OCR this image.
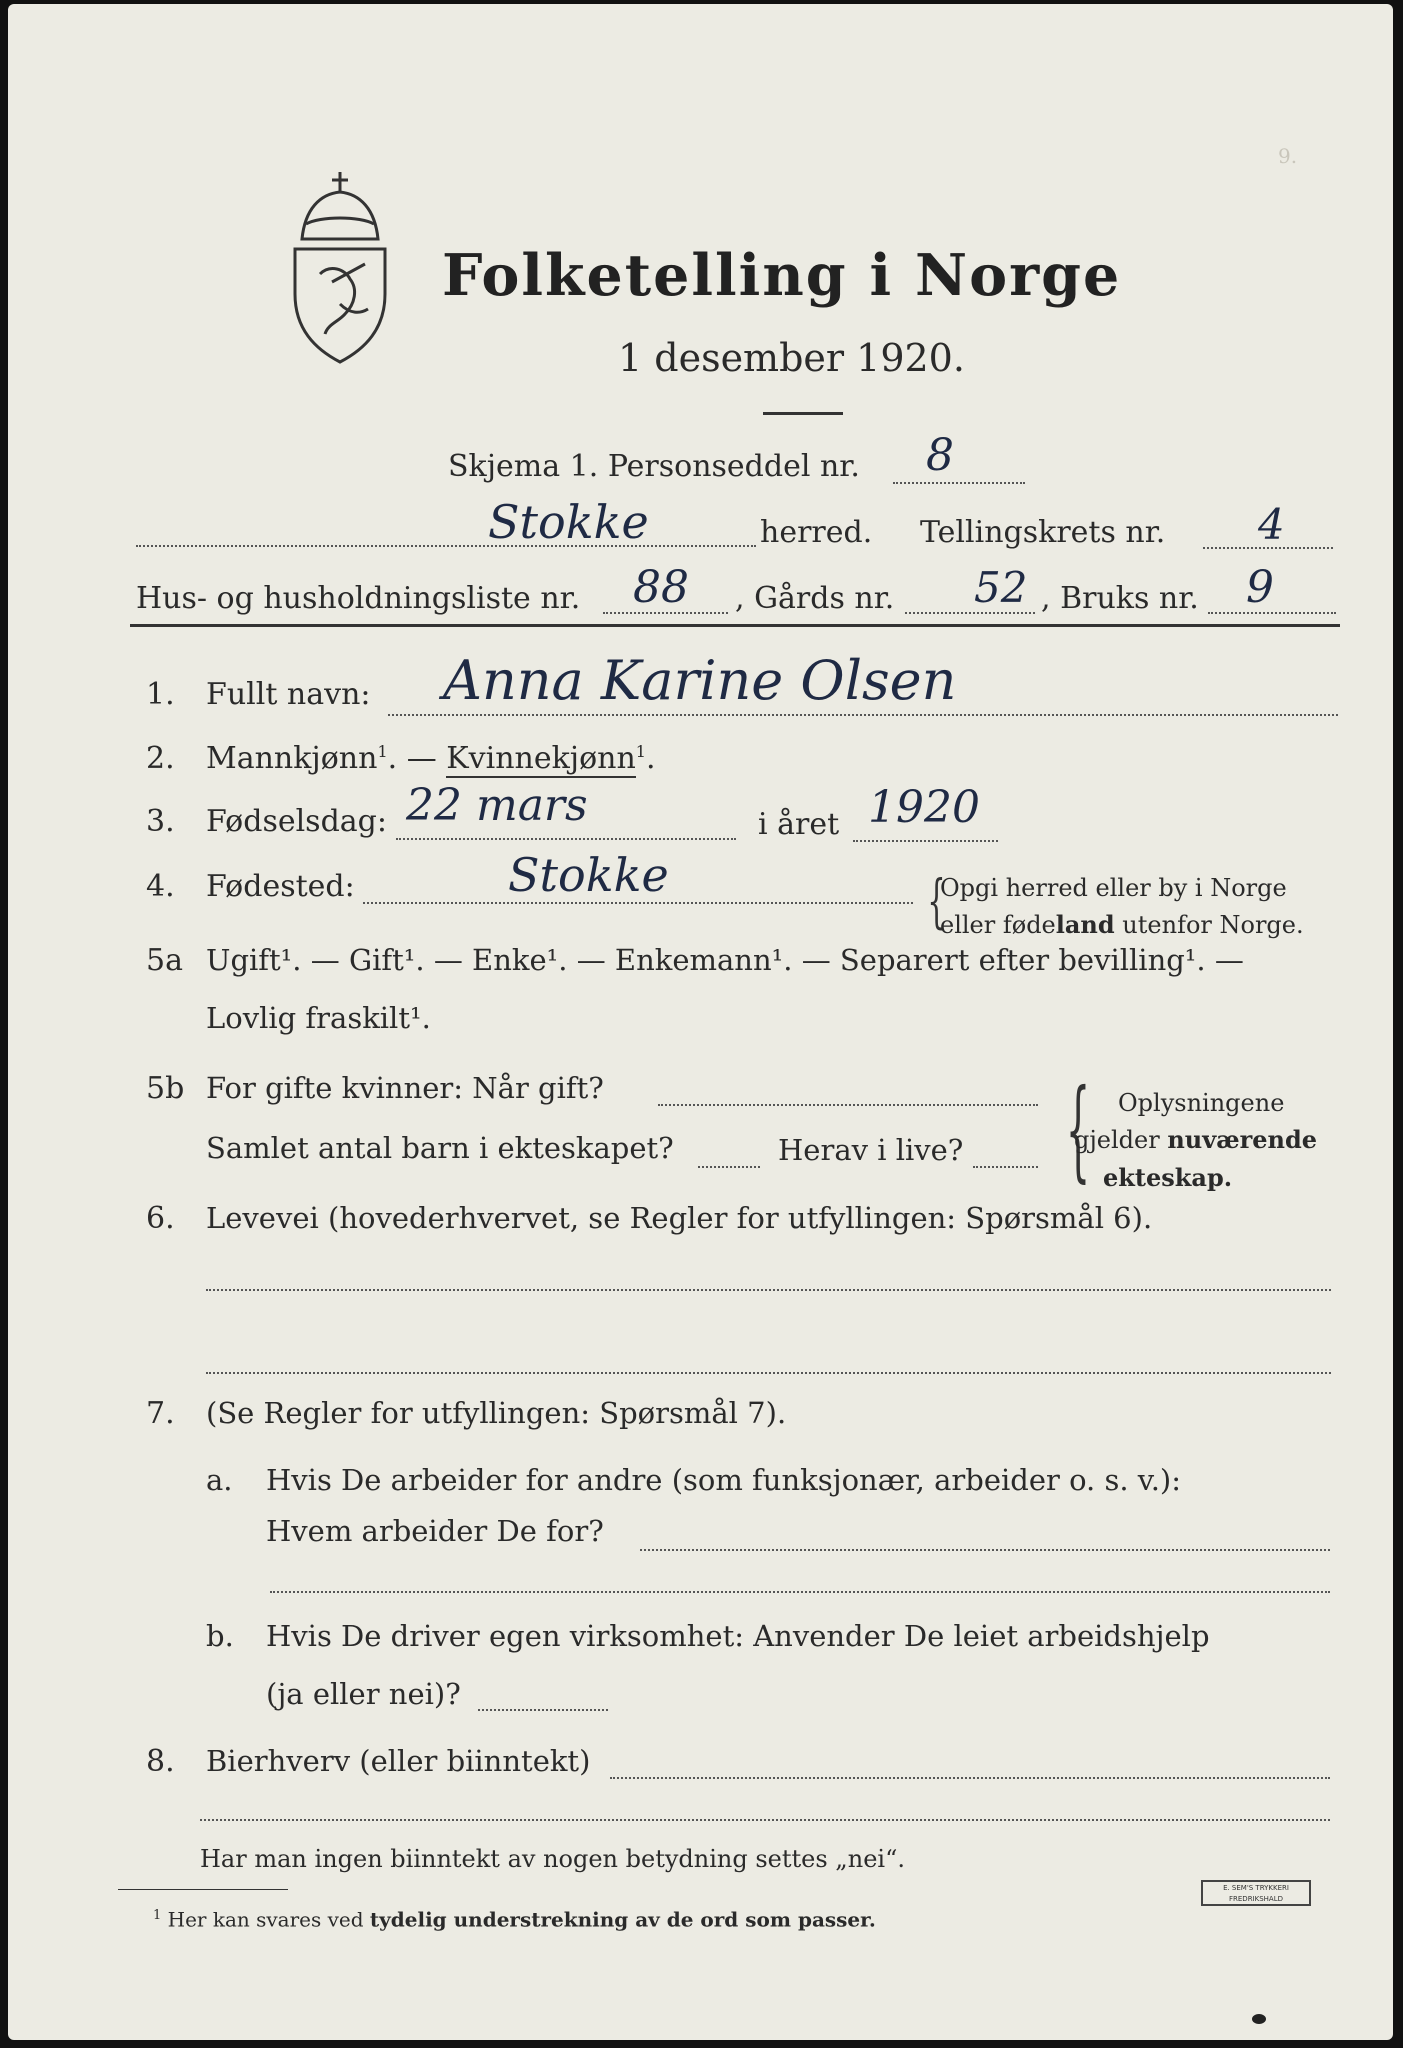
9.
Folketelling i Norge
1 desember 1920.
Skjema 1. Personseddel nr. 8
Stokke	herred. Tellingskrets nr. 4
Hus- og husholdningsliste nr. 88 , Gårds nr. 52 , Bruks nr. 9
1. Fullt navn: Anna Karine Olsen
2. Mannkjønn$^1$. — Kvinnekjønn$^1$.
3. Fødselsdag: 22 mars	i året 1920
4. Fødested:	Stokke	{
Opgi herred eller by i Norge
eller fødeland utenfor Norge.
5a Ugift¹. — Gift¹. — Enke¹. — Enkemann¹. — Separert efter bevilling¹. —
Lovlig fraskilt¹.
5b For gifte kvinner: Når gift?
Samlet antal barn i ekteskapet?	Herav i live? { Oplysningene
gjelder nuværende
ekteskap.
6. Levevei (hovederhvervet, se Regler for utfyllingen: Spørsmål 6).
7. (Se Regler for utfyllingen: Spørsmål 7).
a. Hvis De arbeider for andre (som funksjonær, arbeider o. s. v.):
Hvem arbeider De for?
b. Hvis De driver egen virksomhet: Anvender De leiet arbeidshjelp
(ja eller nei)?
8. Bierhverv (eller biinntekt)
Har man ingen biinntekt av nogen betydning settes „nei“.
$^1$ Her kan svares ved tydelig understrekning av de ord som passer.
E. SEM'S TRYKKERI FREDRIKSHALD
